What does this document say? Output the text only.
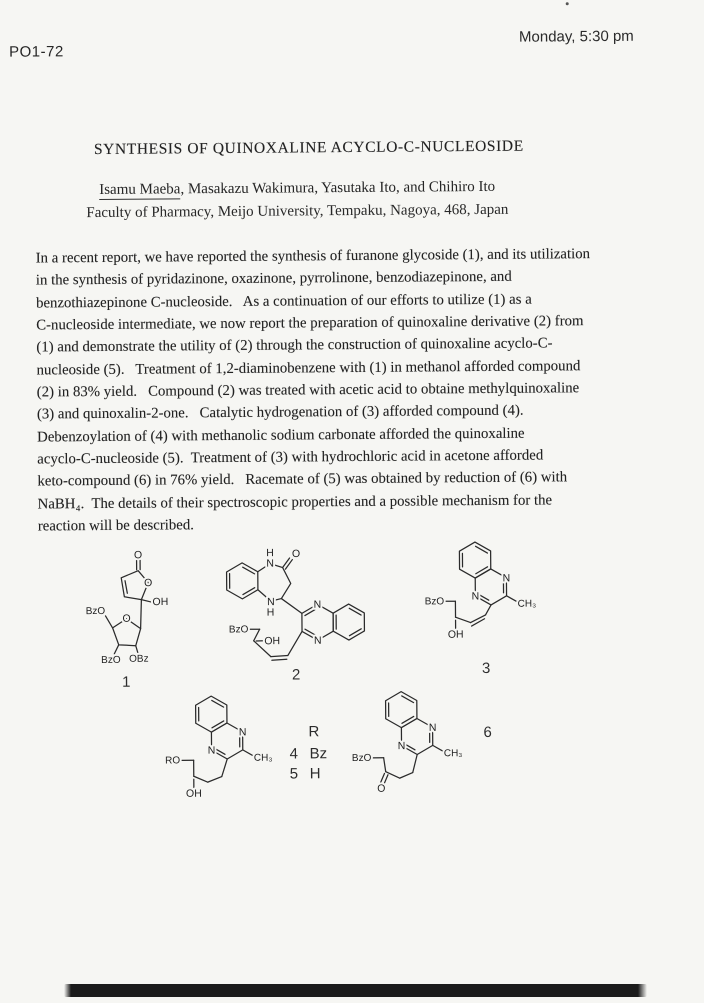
PO1-72
Monday, 5:30 pm
SYNTHESIS OF QUINOXALINE ACYCLO-C-NUCLEOSIDE
Isamu Maeba, Masakazu Wakimura, Yasutaka Ito, and Chihiro Ito
Faculty of Pharmacy, Meijo University, Tempaku, Nagoya, 468, Japan
In a recent report, we have reported the synthesis of furanone glycoside (1), and its utilization
in the synthesis of pyridazinone, oxazinone, pyrrolinone, benzodiazepinone, and
benzothiazepinone C-nucleoside.   As a continuation of our efforts to utilize (1) as a
C-nucleoside intermediate, we now report the preparation of quinoxaline derivative (2) from
(1) and demonstrate the utility of (2) through the construction of quinoxaline acyclo-C-
nucleoside (5).   Treatment of 1,2-diaminobenzene with (1) in methanol afforded compound
(2) in 83% yield.   Compound (2) was treated with acetic acid to obtaine methylquinoxaline
(3) and quinoxalin-2-one.   Catalytic hydrogenation of (3) afforded compound (4).
Debenzoylation of (4) with methanolic sodium carbonate afforded the quinoxaline
acyclo-C-nucleoside (5).  Treatment of (3) with hydrochloric acid in acetone afforded
keto-compound (6) in 76% yield.   Racemate of (5) was obtained by reduction of (6) with
NaBH₄.  The details of their spectroscopic properties and a possible mechanism for the
reaction will be described.
O
O
OH
BzO
O
BzO OBz
1
H
N
O
N
H
N
N
BzO
OH
2
N
N
CH₃
BzO
OH
3
N
N
CH₃
RO
OH
R
4 Bz
5 H
N
N
CH₃
BzO
O
6
